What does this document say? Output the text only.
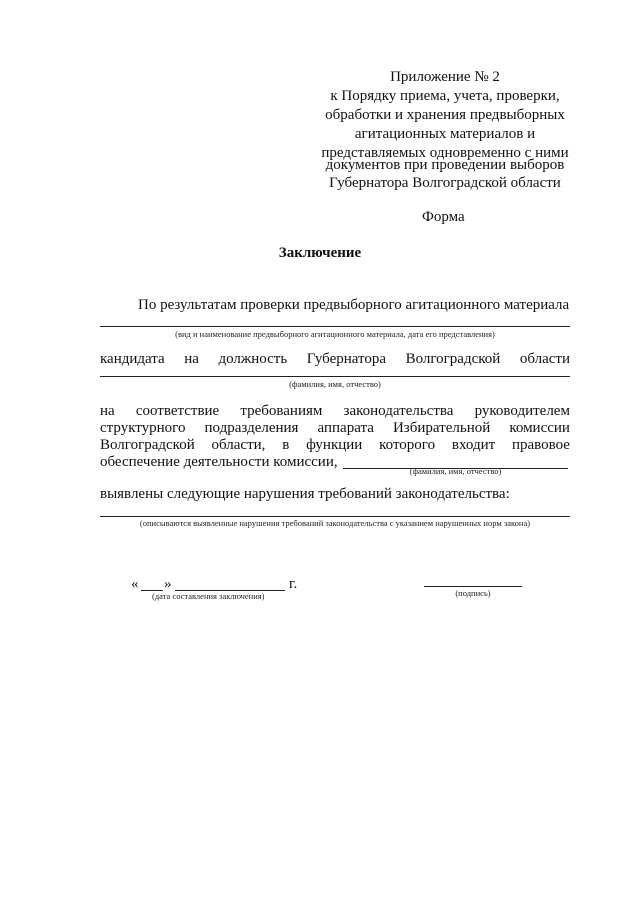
Приложение № 2
к Порядку приема, учета, проверки,
обработки и хранения предвыборных
агитационных материалов и
представляемых одновременно с ними
документов при проведении выборов
Губернатора Волгоградской области
Форма
Заключение
По результатам проверки предвыборного агитационного материала
(вид и наименование предвыборного агитационного материала, дата его представления)
кандидата на должность Губернатора Волгоградской области
(фамилия, имя, отчество)
на соответствие требованиям законодательства руководителем
структурного подразделения аппарата Избирательной комиссии
Волгоградской области, в функции которого входит правовое
обеспечение деятельности комиссии,
(фамилия, имя, отчество)
выявлены следующие нарушения требований законодательства:
(описываются выявленные нарушения требований законодательства с указанием нарушенных норм закона)
« »	г.
(дата составления заключения)	(подпись)
